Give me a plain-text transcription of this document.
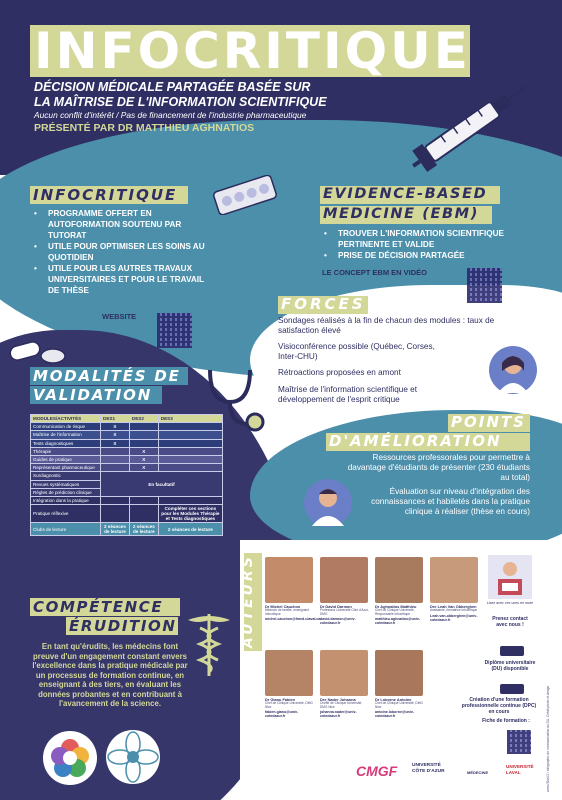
INFOCRITIQUE
DÉCISION MÉDICALE PARTAGÉE BASÉE SUR
LA MAÎTRISE DE L'INFORMATION SCIENTIFIQUE
Aucun conflit d'intérêt / Pas de financement de l'industrie pharmaceutique
PRÉSENTÉ PAR DR MATTHIEU AGHNATIOS
INFOCRITIQUE
• PROGRAMME OFFERT EN AUTOFORMATION SOUTENU PAR TUTORAT
• UTILE POUR OPTIMISER LES SOINS AU QUOTIDIEN
• UTILE POUR LES AUTRES TRAVAUX UNIVERSITAIRES ET POUR LE TRAVAIL DE THÈSE
WEBSITE
EVIDENCE-BASED
MEDICINE (EBM)
• TROUVER L'INFORMATION SCIENTIFIQUE PERTINENTE ET VALIDE
• PRISE DE DÉCISION PARTAGÉE
LE CONCEPT EBM EN VIDÉO
FORCES
Sondages réalisés à la fin de chacun des modules : taux de satisfaction élevé
Visioconférence possible (Québec, Corses, Inter-CHU)
Rétroactions proposées en amont
Maîtrise de l'information scientifique et développement de l'esprit critique
MODALITÉS DE
VALIDATION
MODULES/ACTIVITÉS	DES1	DES2	DES3
Communication de risque	X		
Maîtrise de l'information	X		
Tests diagnostiques	X		
Thérapie		X	
Guides de pratique		X	
Représentant pharmaceutique		X	
Surdiagnostic	En facultatif		
Revues systématiques			
Règles de prédiction clinique			
Intégration dans la pratique			
Pratique réflexive			Compléter ces sections pour les Modules Thérapie et Tests diagnostiques
Clubs de lecture	2 séances de lecture	2 séances de lecture	2 séances de lecture
POINTS
D'AMÉLIORATION
Ressources professorales pour permettre à davantage d'étudiants de présenter (230 étudiants au total)
Évaluation sur niveau d'intégration des connaissances et habiletés dans la pratique clinique à réaliser (thèse en cours)
COMPÉTENCE
ÉRUDITION
En tant qu'érudits, les médecins font preuve d'un engagement constant envers l'excellence dans la pratique médicale par un processus de formation continue, en enseignant à des tiers, en évaluant les données probantes et en contribuant à l'avancement de la science.
AUTEURS Dr Michel Cauchon
Médecin de famille, enseignant Infocritique
michel.cauchon@fmed.ulaval.ca
Dr David Darmon
Professeur Université Côte d'Azur, DMG
david.darmon@univ-cotedazur.fr
Dr Aghnatios Matthieu
Chef de Clinique Université, Responsable Infocritique
matthieu.aghnatios@univ-cotedazur.fr
Dre Leah Van Obberghen
Assistante, formatrice Infocritique
Leah.van-obberghen@univ-cotedazur.fr
Dr Gianu Fabien
Chef de Clinique Université, DMG Nice
fabien.gianu@univ-cotedazur.fr
Dre Nader Johanna
Cheffe de Clinique Université, DMG Nice
johanna.nader@univ-cotedazur.fr
Dr Loborne Antoine
Chef de Clinique Université, DMG Nice
antoine.loborne@univ-cotedazur.fr
Lisez avec ces vues en route
Prenez contact avec nous !
Diplôme universitaire (DU) disponible
Création d'une formation professionnelle continue (DPC) en cours
Fiche de formation :	www.l'Outil-2 / infographic de communication du DU. Crédit photo et design
CMGF	UNIVERSITÉ CÔTE D'AZUR	MÉDECINE
UNIVERSITÉ LAVAL
